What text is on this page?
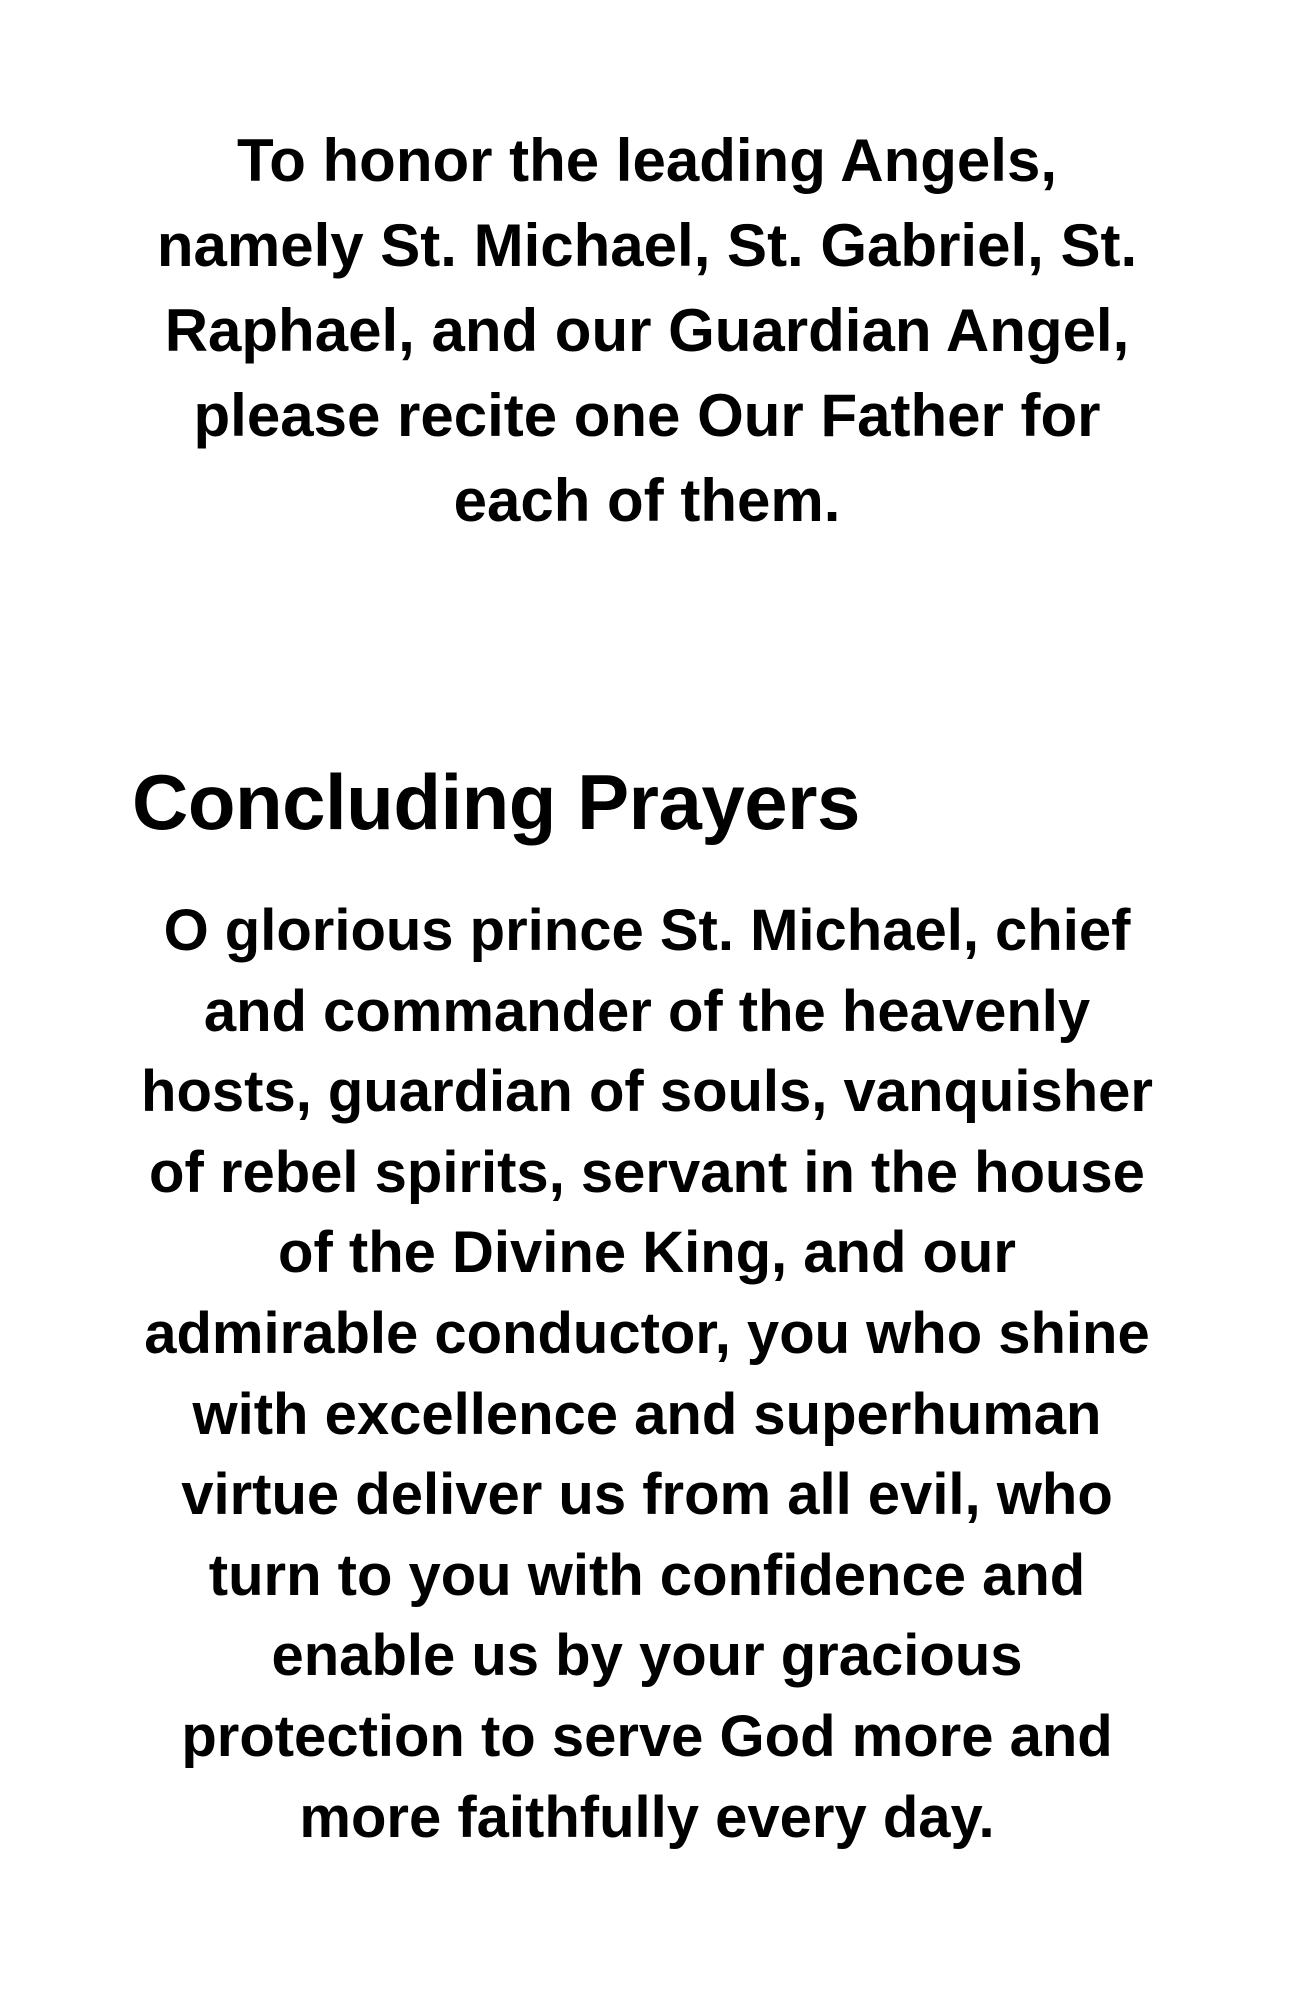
To honor the leading Angels,
namely St. Michael, St. Gabriel, St.
Raphael, and our Guardian Angel,
please recite one Our Father for
each of them.

Concluding Prayers

O glorious prince St. Michael, chief
and commander of the heavenly
hosts, guardian of souls, vanquisher
of rebel spirits, servant in the house
of the Divine King, and our
admirable conductor, you who shine
with excellence and superhuman
virtue deliver us from all evil, who
turn to you with confidence and
enable us by your gracious
protection to serve God more and
more faithfully every day.
